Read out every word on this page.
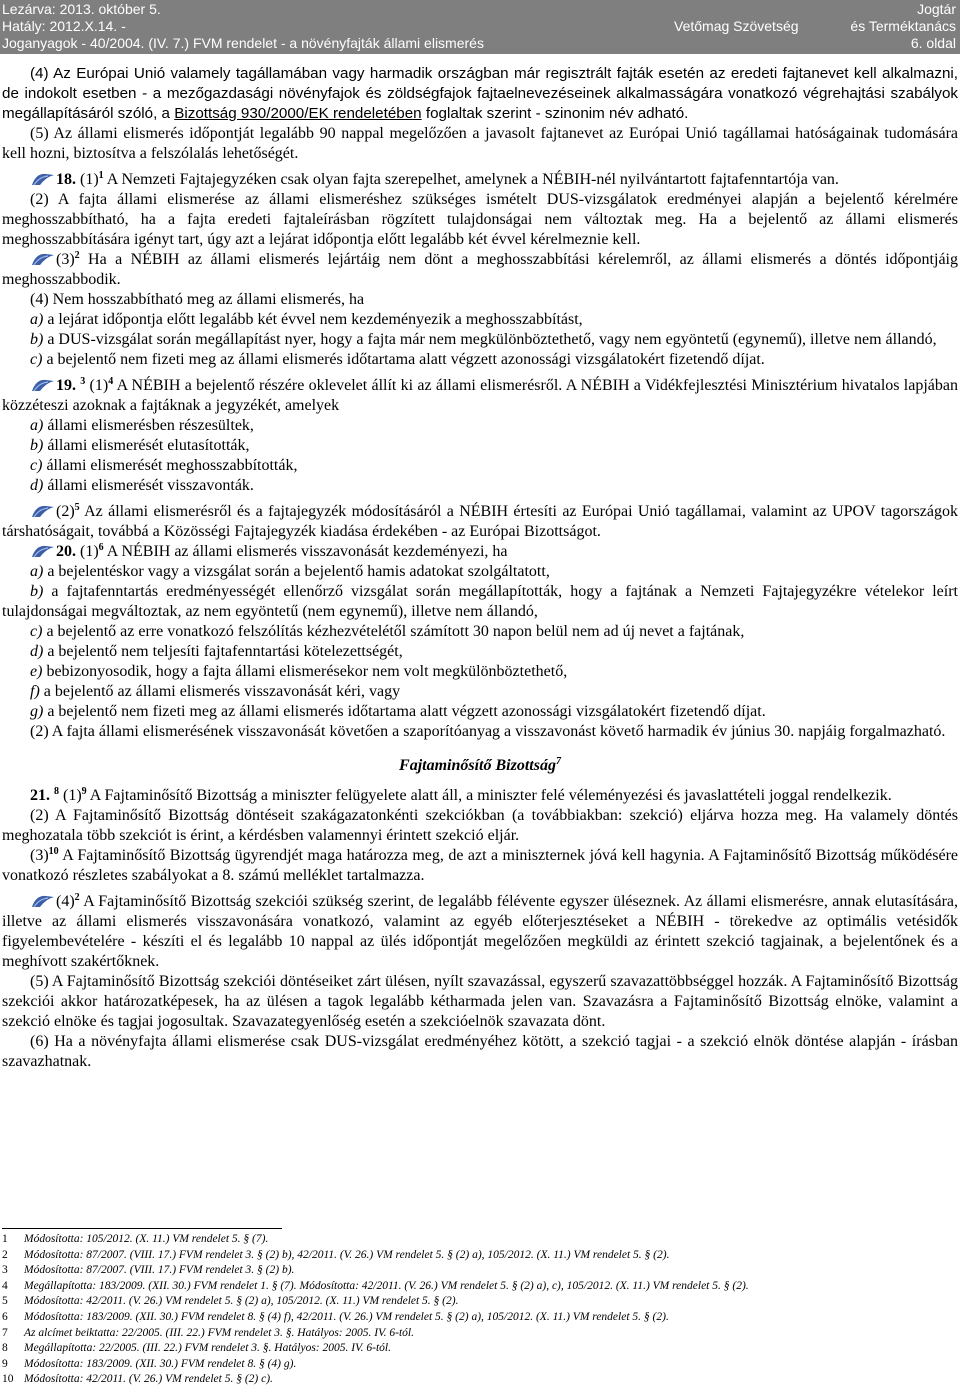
Lezárva: 2013. október 5.
Hatály: 2012.X.14. -
Joganyagok - 40/2004. (IV. 7.) FVM rendelet - a növényfajták állami elismerés
Vetőmag Szövetség
Jogtár
és Terméktanács
6. oldal

(4) Az Európai Unió valamely tagállamában vagy harmadik országban már regisztrált fajták esetén az eredeti fajtanevet kell alkalmazni, de indokolt esetben - a mezőgazdasági növényfajok és zöldségfajok fajtaelnevezéseinek alkalmasságára vonatkozó végrehajtási szabályok megállapításáról szóló, a Bizottság 930/2000/EK rendeletében foglaltak szerint - szinonim név adható.

(5) Az állami elismerés időpontját legalább 90 nappal megelőzően a javasolt fajtanevet az Európai Unió tagállamai hatóságainak tudomására kell hozni, biztosítva a felszólalás lehetőségét.

18. $(1)^1$ A Nemzeti Fajtajegyzéken csak olyan fajta szerepelhet, amelynek a NÉBIH-nél nyilvántartott fajtafenntartója van.

(2) A fajta állami elismerése az állami elismeréshez szükséges ismételt DUS-vizsgálatok eredményei alapján a bejelentő kérelmére meghosszabbítható, ha a fajta eredeti fajtaleírásban rögzített tulajdonságai nem változtak meg. Ha a bejelentő az állami elismerés meghosszabbítására igényt tart, úgy azt a lejárat időpontja előtt legalább két évvel kérelmeznie kell.

$(3)^2$ Ha a NÉBIH az állami elismerés lejártáig nem dönt a meghosszabbítási kérelemről, az állami elismerés a döntés időpontjáig meghosszabbodik.

(4) Nem hosszabbítható meg az állami elismerés, ha

a) a lejárat időpontja előtt legalább két évvel nem kezdeményezik a meghosszabbítást,

b) a DUS-vizsgálat során megállapítást nyer, hogy a fajta már nem megkülönböztethető, vagy nem egyöntetű (egynemű), illetve nem állandó,

c) a bejelentő nem fizeti meg az állami elismerés időtartama alatt végzett azonossági vizsgálatokért fizetendő díjat.

19. $^3$ $(1)^4$ A NÉBIH a bejelentő részére oklevelet állít ki az állami elismerésről. A NÉBIH a Vidékfejlesztési Minisztérium hivatalos lapjában közzéteszi azoknak a fajtáknak a jegyzékét, amelyek

a) állami elismerésben részesültek,

b) állami elismerését elutasították,

c) állami elismerését meghosszabbították,

d) állami elismerését visszavonták.

$(2)^5$ Az állami elismerésről és a fajtajegyzék módosításáról a NÉBIH értesíti az Európai Unió tagállamai, valamint az UPOV tagországok társhatóságait, továbbá a Közösségi Fajtajegyzék kiadása érdekében - az Európai Bizottságot.

20. $(1)^6$ A NÉBIH az állami elismerés visszavonását kezdeményezi, ha

a) a bejelentéskor vagy a vizsgálat során a bejelentő hamis adatokat szolgáltatott,

b) a fajtafenntartás eredményességét ellenőrző vizsgálat során megállapították, hogy a fajtának a Nemzeti Fajtajegyzékre vételekor leírt tulajdonságai megváltoztak, az nem egyöntetű (nem egynemű), illetve nem állandó,

c) a bejelentő az erre vonatkozó felszólítás kézhezvételétől számított 30 napon belül nem ad új nevet a fajtának,

d) a bejelentő nem teljesíti fajtafenntartási kötelezettségét,

e) bebizonyosodik, hogy a fajta állami elismerésekor nem volt megkülönböztethető,

f) a bejelentő az állami elismerés visszavonását kéri, vagy

g) a bejelentő nem fizeti meg az állami elismerés időtartama alatt végzett azonossági vizsgálatokért fizetendő díjat.

(2) A fajta állami elismerésének visszavonását követően a szaporítóanyag a visszavonást követő harmadik év június 30. napjáig forgalmazható.

Fajtaminősítő Bizottság$^7$

21. $^8$ $(1)^9$ A Fajtaminősítő Bizottság a miniszter felügyelete alatt áll, a miniszter felé véleményezési és javaslattételi joggal rendelkezik.

(2) A Fajtaminősítő Bizottság döntéseit szakágazatonkénti szekciókban (a továbbiakban: szekció) eljárva hozza meg. Ha valamely döntés meghozatala több szekciót is érint, a kérdésben valamennyi érintett szekció eljár.

$(3)^{10}$ A Fajtaminősítő Bizottság ügyrendjét maga határozza meg, de azt a miniszternek jóvá kell hagynia. A Fajtaminősítő Bizottság működésére vonatkozó részletes szabályokat a 8. számú melléklet tartalmazza.

$(4)^2$ A Fajtaminősítő Bizottság szekciói szükség szerint, de legalább félévente egyszer üléseznek. Az állami elismerésre, annak elutasítására, illetve az állami elismerés visszavonására vonatkozó, valamint az egyéb előterjesztéseket a NÉBIH - törekedve az optimális vetésidők figyelembevételére - készíti el és legalább 10 nappal az ülés időpontját megelőzően megküldi az érintett szekció tagjainak, a bejelentőnek és a meghívott szakértőknek.

(5) A Fajtaminősítő Bizottság szekciói döntéseiket zárt ülésen, nyílt szavazással, egyszerű szavazattöbbséggel hozzák. A Fajtaminősítő Bizottság szekciói akkor határozatképesek, ha az ülésen a tagok legalább kétharmada jelen van. Szavazásra a Fajtaminősítő Bizottság elnöke, valamint a szekció elnöke és tagjai jogosultak. Szavazategyenlőség esetén a szekcióelnök szavazata dönt.

(6) Ha a növényfajta állami elismerése csak DUS-vizsgálat eredményéhez kötött, a szekció tagjai - a szekció elnök döntése alapján - írásban szavazhatnak.

1 Módosította: 105/2012. (X. 11.) VM rendelet 5. § (7).
2 Módosította: 87/2007. (VIII. 17.) FVM rendelet 3. § (2) b), 42/2011. (V. 26.) VM rendelet 5. § (2) a), 105/2012. (X. 11.) VM rendelet 5. § (2).
3 Módosította: 87/2007. (VIII. 17.) FVM rendelet 3. § (2) b).
4 Megállapította: 183/2009. (XII. 30.) FVM rendelet 1. § (7). Módosította: 42/2011. (V. 26.) VM rendelet 5. § (2) a), c), 105/2012. (X. 11.) VM rendelet 5. § (2).
5 Módosította: 42/2011. (V. 26.) VM rendelet 5. § (2) a), 105/2012. (X. 11.) VM rendelet 5. § (2).
6 Módosította: 183/2009. (XII. 30.) FVM rendelet 8. § (4) f), 42/2011. (V. 26.) VM rendelet 5. § (2) a), 105/2012. (X. 11.) VM rendelet 5. § (2).
7 Az alcímet beiktatta: 22/2005. (III. 22.) FVM rendelet 3. §. Hatályos: 2005. IV. 6-tól.
8 Megállapította: 22/2005. (III. 22.) FVM rendelet 3. §. Hatályos: 2005. IV. 6-tól.
9 Módosította: 183/2009. (XII. 30.) FVM rendelet 8. § (4) g).
10 Módosította: 42/2011. (V. 26.) VM rendelet 5. § (2) c).
